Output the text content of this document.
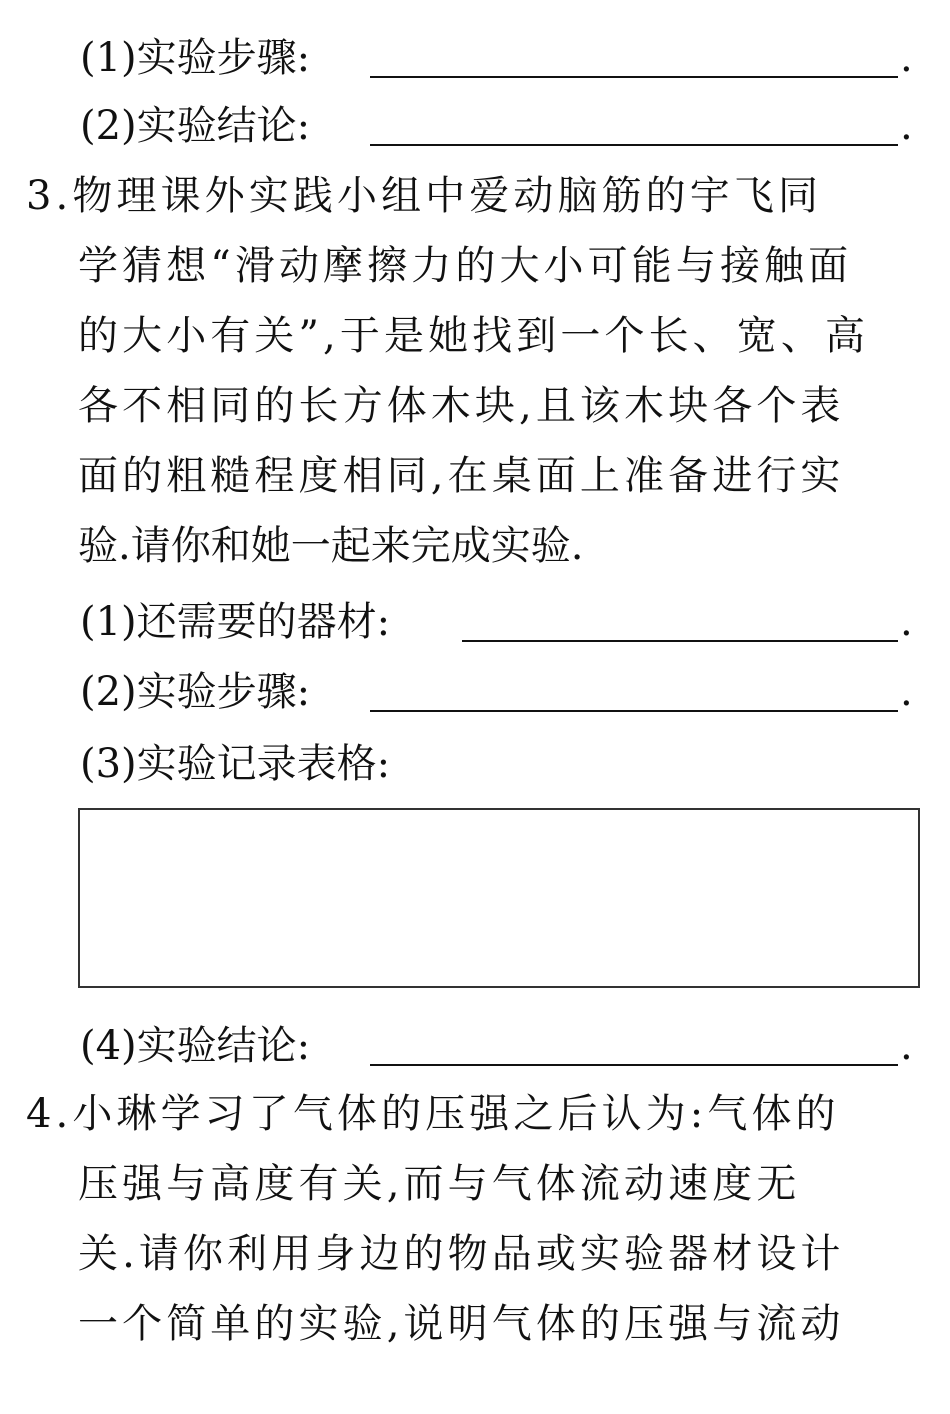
(1)实验步骤:	.
(2)实验结论:	.
3.物理课外实践小组中爱动脑筋的宇飞同
学猜想“滑动摩擦力的大小可能与接触面
的大小有关”,于是她找到一个长、宽、高
各不相同的长方体木块,且该木块各个表
面的粗糙程度相同,在桌面上准备进行实
验.请你和她一起来完成实验.
(1)还需要的器材:	.
(2)实验步骤:	.
(3)实验记录表格:
(4)实验结论:	.
4.小琳学习了气体的压强之后认为:气体的
压强与高度有关,而与气体流动速度无
关.请你利用身边的物品或实验器材设计
一个简单的实验,说明气体的压强与流动
